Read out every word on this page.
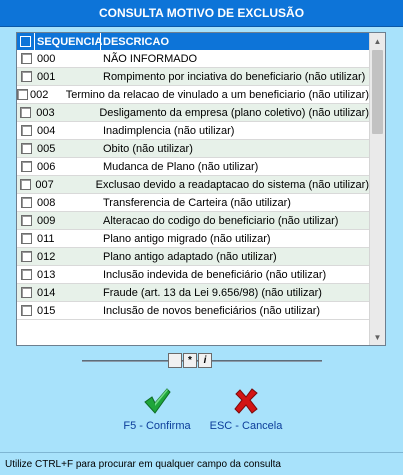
CONSULTA MOTIVO DE EXCLUSÃO
SEQUENCIA DESCRICAO
000	NÃO INFORMADO
001	Rompimento por inciativa do beneficiario (não utilizar)
002	Termino da relacao de vinulado a um beneficiario (não utilizar)
003	Desligamento da empresa (plano coletivo) (não utilizar)
004	Inadimplencia (não utilizar)
005	Obito (não utilizar)
006	Mudanca de Plano (não utilizar)
007	Exclusao devido a readaptacao do sistema (não utilizar)
008	Transferencia de Carteira (não utilizar)
009	Alteracao do codigo do beneficiario (não utilizar)
011	Plano antigo migrado (não utilizar)
012	Plano antigo adaptado (não utilizar)
013	Inclusão indevida de beneficiário (não utilizar)
014	Fraude (art. 13 da Lei 9.656/98) (não utilizar)
015	Inclusão de novos beneficiários (não utilizar)
▲
▼
*	i
F5 - Confirma ESC - Cancela
Utilize CTRL+F para procurar em qualquer campo da consulta
